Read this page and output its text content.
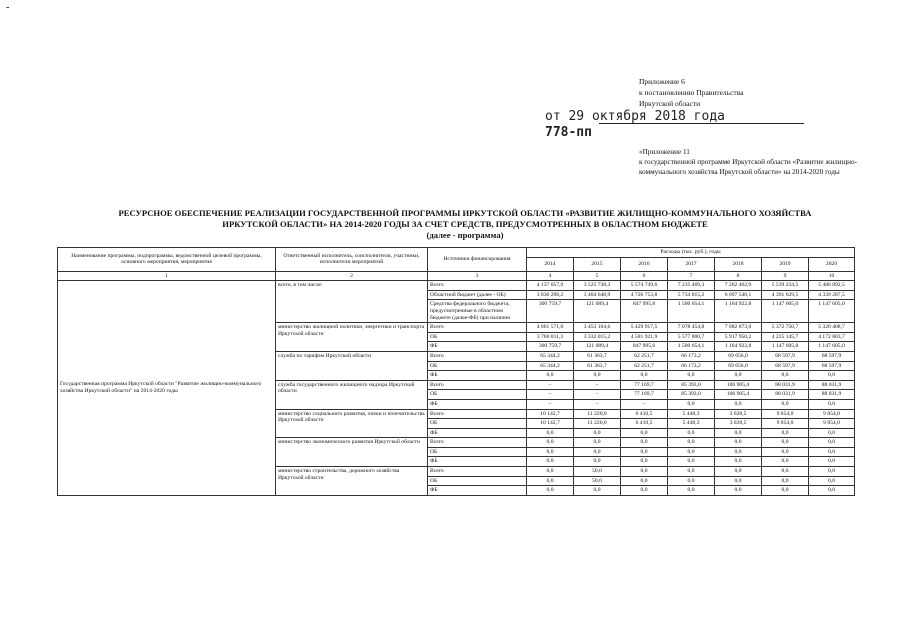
-
Приложение 6
к постановлению Правительства
Иркутской области
от 29 октября 2018 года
778-пп
«Приложение 11
к государственной программе Иркутской области «Развитие жилищно-коммунального хозяйства Иркутской области» на 2014-2020 годы
РЕСУРСНОЕ ОБЕСПЕЧЕНИЕ РЕАЛИЗАЦИИ ГОСУДАРСТВЕННОЙ ПРОГРАММЫ ИРКУТСКОЙ ОБЛАСТИ «РАЗВИТИЕ ЖИЛИЩНО-КОММУНАЛЬНОГО ХОЗЯЙСТВА
ИРКУТСКОЙ ОБЛАСТИ» НА 2014-2020 ГОДЫ ЗА СЧЕТ СРЕДСТВ, ПРЕДУСМОТРЕННЫХ В ОБЛАСТНОМ БЮДЖЕТЕ
(далее - программа)
Наименование программы, подпрограммы, ведомственной целевой программы, основного мероприятия, мероприятия	Ответственный исполнитель, соисполнители, участники, исполнители мероприятий	Источники финансирования	Расходы (тыс. руб.), годы						
			2014	2015	2016	2017	2018	2019	2020
1	2	3	4	5	6	7	8	9	10
Государственная программа Иркутской области "Развитие жилищно-коммунального хозяйства Иркутской области" на 2014-2020 годы	всего, в том числе:	Всего	4 137 057,9	3 525 738,3	5 574 749,6	7 235 469,3	7 262 462,9	5 539 234,5	5 486 892,5
		Областной бюджет (далее - ОБ)	3 836 298,2	3 404 648,9	4 726 753,8	5 734 815,2	6 097 540,1	4 391 629,5	4 339 287,5
		Средства федерального бюджета, предусмотренные в областном бюджете (далее-ФБ) при наличии	300 759,7	121 089,4	847 995,8	1 500 654,1	1 164 922,8	1 147 605,0	1 147 605,0
	министерство жилищной политики, энергетики и транспорта Иркутской области	Всего	4 061 571,0	3 453 104,6	5 429 917,5	7 078 454,8	7 082 873,0	5 372 750,7	5 320 408,7
		ОБ	3 760 811,3	3 332 015,2	4 581 921,9	5 577 800,7	5 917 950,2	4 225 145,7	4 172 803,7
		ФБ	300 759,7	121 089,4	847 995,6	1 500 654,1	1 164 922,8	1 147 605,0	1 147 605,0
	служба по тарифам Иркутской области	Всего	65 344,2	61 363,7	62 251,7	66 173,2	69 656,0	68 597,9	68 597,9
		ОБ	65 344,2	61 363,7	62 251,7	66 173,2	69 656,0	68 597,9	68 597,9
		ФБ	0,0	0,0	0,0	0,0	0,0	0,0	0,0
	служба государственного жилищного надзора Иркутской области	Всего	–	–	77 169,7	85 393,0	106 905,4	88 031,9	88 031,9
		ОБ	–	–	77 169,7	85 393,0	106 905,4	88 031,9	88 031,9
		ФБ	–	–	–	0,0	0,0	0,0	0,0
	министерство социального развития, опеки и попечительства Иркутской области	Всего	10 142,7	11 220,0	6 410,5	5 448,3	3 028,5	9 854,0	9 854,0
		ОБ	10 142,7	11 220,0	6 410,5	5 448,3	3 028,5	9 854,0	9 854,0
		ФБ	0,0	0,0	0,0	0,0	0,0	0,0	0,0
	министерство экономического развития Иркутской области	Всего	0,0	0,0	0,0	0,0	0,0	0,0	0,0
		ОБ	0,0	0,0	0,0	0,0	0,0	0,0	0,0
		ФБ	0,0	0,0	0,0	0,0	0,0	0,0	0,0
	министерство строительства, дорожного хозяйства Иркутской области	Всего	0,0	50,0	0,0	0,0	0,0	0,0	0,0
		ОБ	0,0	50,0	0,0	0,0	0,0	0,0	0,0
		ФБ	0,0	0,0	0,0	0,0	0,0	0,0	0,0
